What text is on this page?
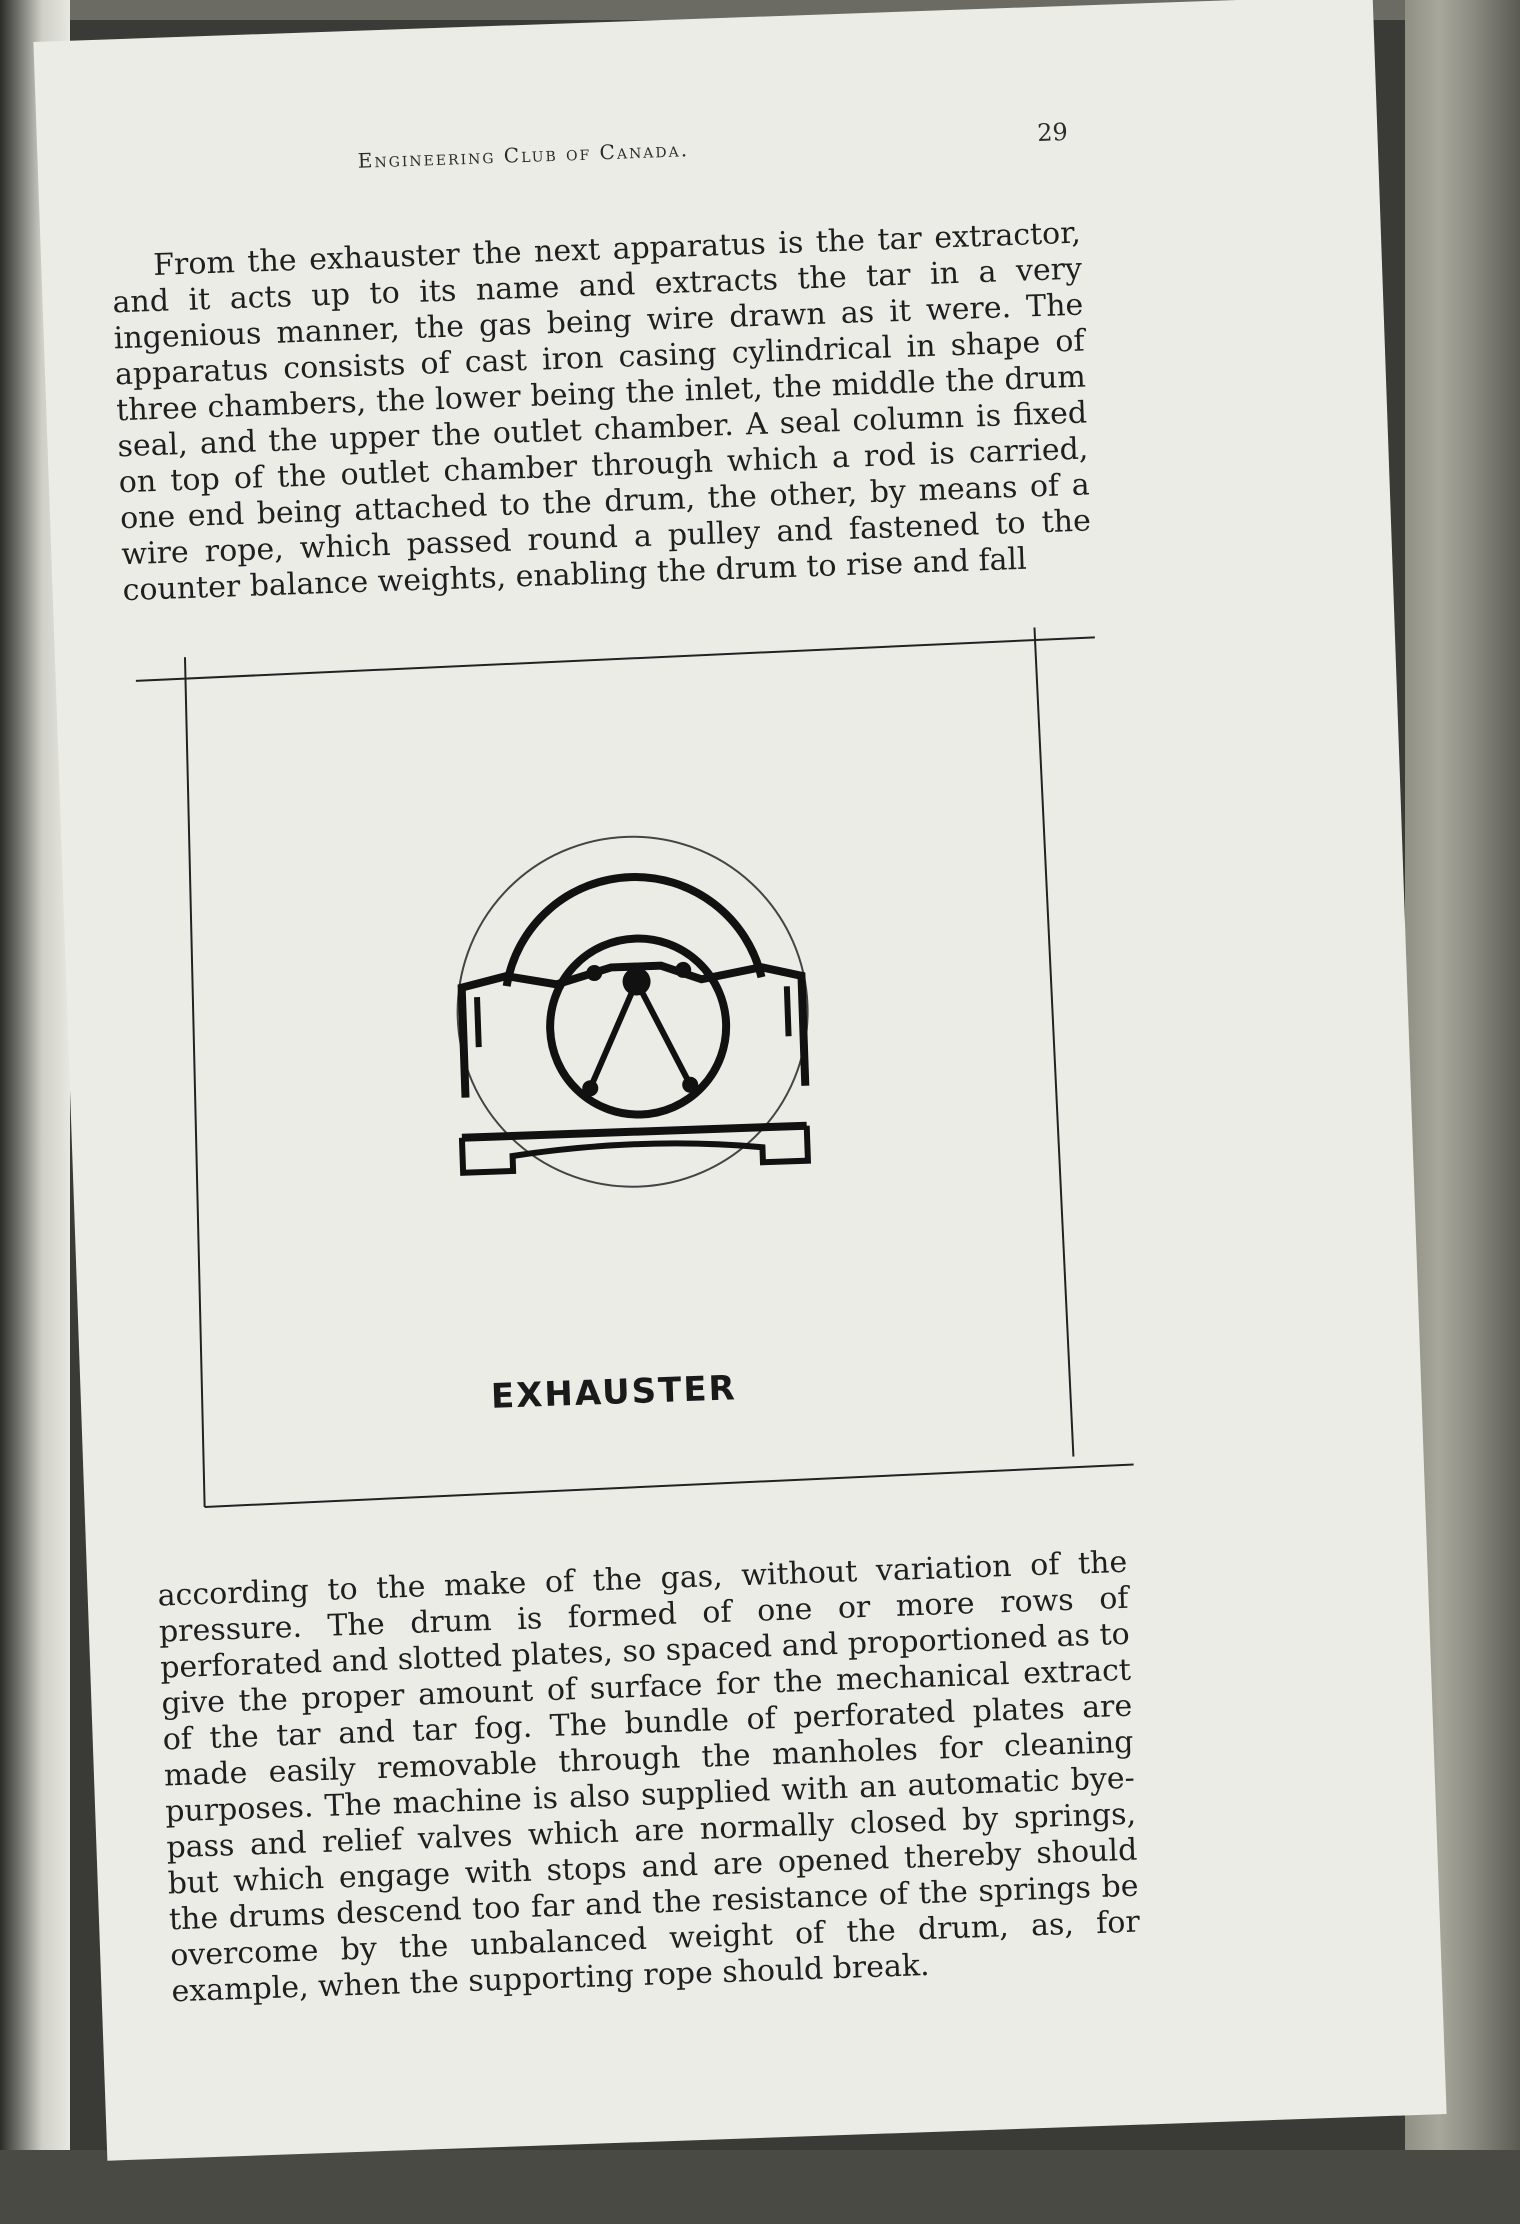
Engineering Club of Canada.
29
From the exhauster the next apparatus is the tar extractor, and it acts up to its name and extracts the tar in a very ingenious manner, the gas being wire drawn as it were. The apparatus consists of cast iron casing cylindrical in shape of three chambers, the lower being the inlet, the middle the drum seal, and the upper the outlet chamber. A seal column is fixed on top of the outlet chamber through which a rod is carried, one end being attached to the drum, the other, by means of a wire rope, which passed round a pulley and fastened to the counter balance weights, enabling the drum to rise and fall
EXHAUSTER
according to the make of the gas, without variation of the pressure. The drum is formed of one or more rows of perforated and slotted plates, so spaced and proportioned as to give the proper amount of surface for the mechanical extract of the tar and tar fog. The bundle of perforated plates are made easily removable through the manholes for cleaning purposes. The machine is also supplied with an automatic bye-pass and relief valves which are normally closed by springs, but which engage with stops and are opened thereby should the drums descend too far and the resistance of the springs be overcome by the unbalanced weight of the drum, as, for example, when the supporting rope should break.
